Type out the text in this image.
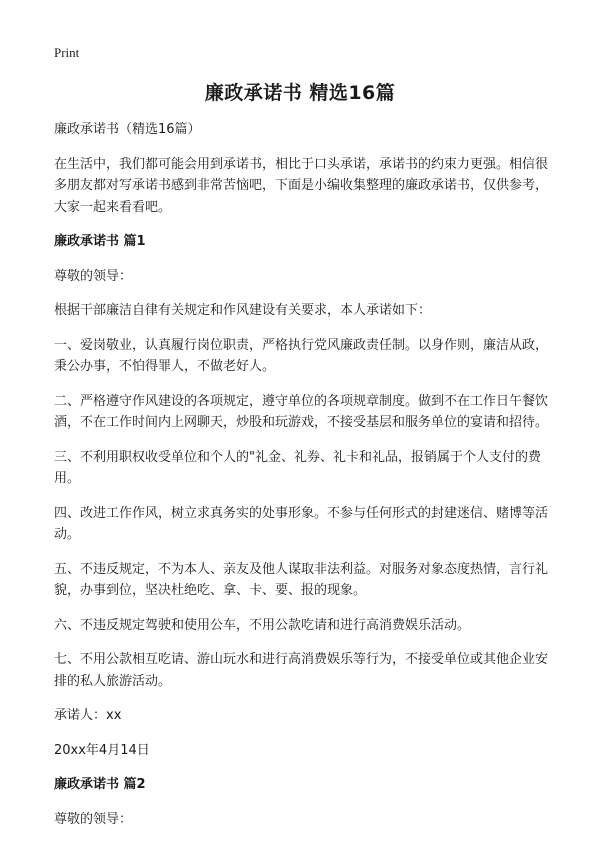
Print
廉政承诺书 精选16篇

廉政承诺书（精选16篇）

在生活中，我们都可能会用到承诺书，相比于口头承诺，承诺书的约束力更强。相信很多朋友都对写承诺书感到非常苦恼吧，下面是小编收集整理的廉政承诺书，仅供参考，大家一起来看看吧。

廉政承诺书 篇1

尊敬的领导：

根据干部廉洁自律有关规定和作风建设有关要求，本人承诺如下：

一、爱岗敬业，认真履行岗位职责，严格执行党风廉政责任制。以身作则，廉洁从政，秉公办事，不怕得罪人，不做老好人。

二、严格遵守作风建设的各项规定，遵守单位的各项规章制度。做到不在工作日午餐饮酒，不在工作时间内上网聊天，炒股和玩游戏，不接受基层和服务单位的宴请和招待。

三、不利用职权收受单位和个人的"礼金、礼券、礼卡和礼品，报销属于个人支付的费用。

四、改进工作作风，树立求真务实的处事形象。不参与任何形式的封建迷信、赌博等活动。

五、不违反规定，不为本人、亲友及他人谋取非法利益。对服务对象态度热情，言行礼貌，办事到位，坚决杜绝吃、拿、卡、要、报的现象。

六、不违反规定驾驶和使用公车，不用公款吃请和进行高消费娱乐活动。

七、不用公款相互吃请、游山玩水和进行高消费娱乐等行为，不接受单位或其他企业安排的私人旅游活动。

承诺人：xx

20xx年4月14日

廉政承诺书 篇2

尊敬的领导：
